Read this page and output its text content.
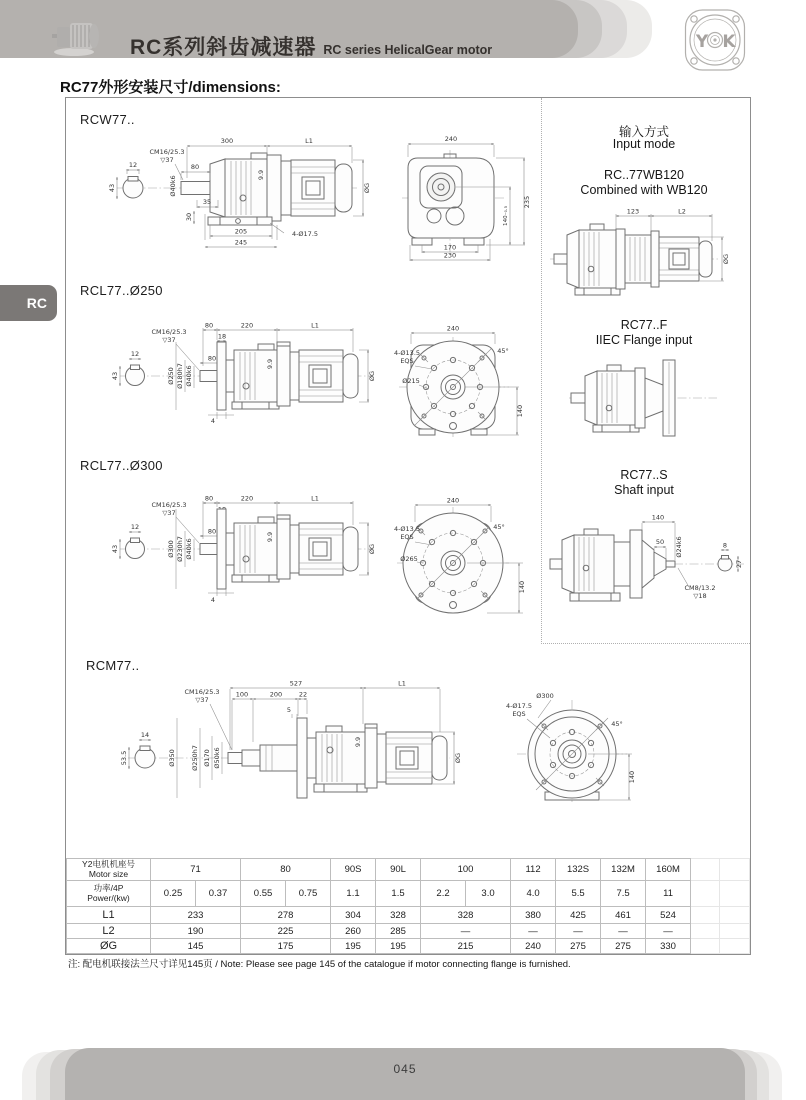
RC系列斜齿减速器 RC series HelicalGear motor	Y K
RC77外形安装尺寸/dimensions:
RC
RCW77..
RCL77..Ø250
RCL77..Ø300
RCM77..
12
43
300	L1
CM16/25.3
▽37
80
Ø40k6
9.9
ØG
35
30
205
245
4-Ø17.5
240
235
140₋₀.₅
170
230
12
43
CM16/25.3
▽37
80	220	L1
18
80
9.9
ØG
Ø250 Ø180h7 Ø40k6
4
45°
240
4-Ø13.5
EQS
Ø215
140
12
43
CM16/25.3
▽37
80	220	L1
80
9.9
ØG
Ø300 Ø230h7 Ø40k6
4
45°
240
4-Ø13.5
EQS
Ø265
140
14
53.5
CM16/25.3
▽37
527	L1
100	200	22
5
9.9
ØG
Ø350 Ø250h7 Ø170 Ø50k6
Ø300
4-Ø17.5
EQS
45°
140
输入方式
Input mode
RC..77WB120
Combined with WB120
RC77..F
IIEC Flange input
RC77..S
Shaft input
123	L2
ØG
140
50 Ø24k6
CM8/13.2
▽18
8
27
Y2电机机座号
Motor size	71		80		90S	90L	100		112	132S	132M	160M		
功率/4P
Power/(kw)	0.25	0.37	0.55	0.75	1.1	1.5	2.2	3.0	4.0	5.5	7.5	11		
L1	233		278		304	328	328		380	425	461	524		
L2	190		225		260	285	—		—	—	—	—		
ØG	145		175		195	195	215		240	275	275	330		
注: 配电机联接法兰尺寸详见145页 / Note: Please see page 145 of the catalogue if motor connecting flange is furnished.
045
